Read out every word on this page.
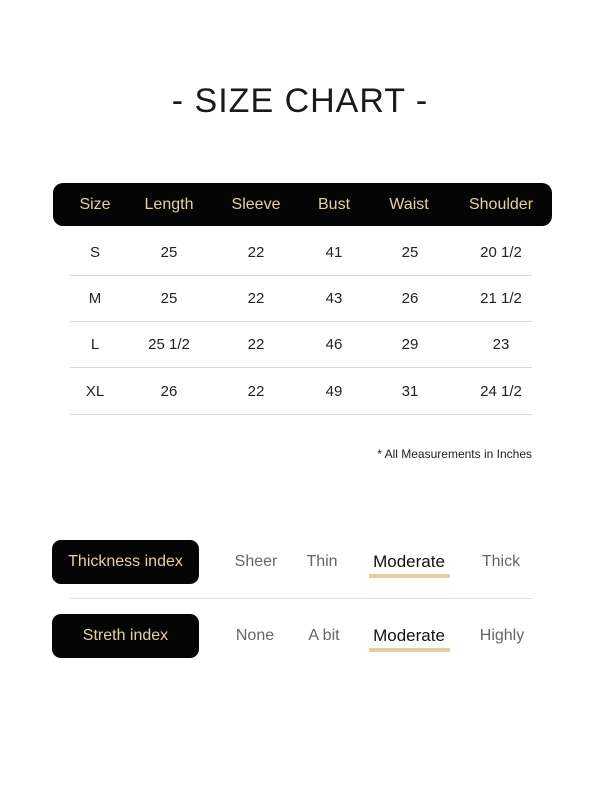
- SIZE CHART -
Size Length Sleeve Bust Waist	Shoulder
S	25	22	41	25	20 1/2
M	25	22	43	26	21 1/2
L	25 1/2	22	46	29	23
XL	26	22	49	31	24 1/2
* All Measurements in Inches
Thickness index	Sheer Thin Moderate Thick
Streth index	None A bit Moderate Highly
